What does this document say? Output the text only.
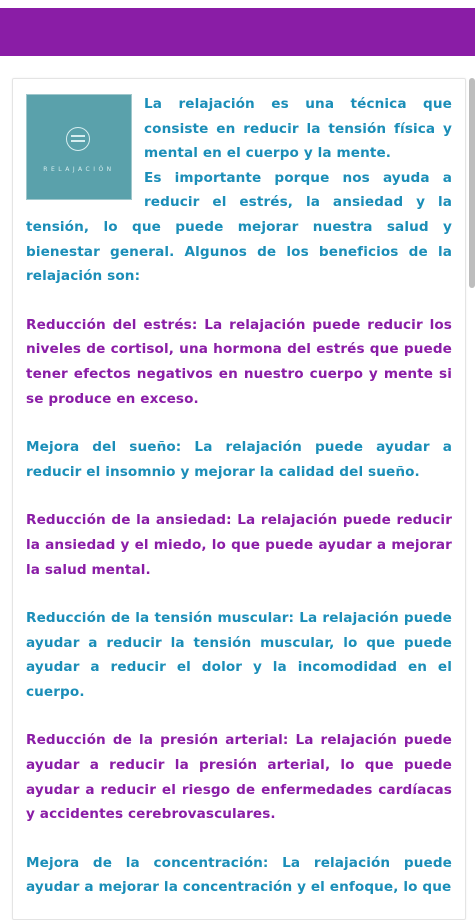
RELAJACIÓN

La relajación es una técnica que consiste en reducir la tensión física y mental en el cuerpo y la mente.

Es importante porque nos ayuda a reducir el estrés, la ansiedad y la tensión, lo que puede mejorar nuestra salud y bienestar general. Algunos de los beneficios de la relajación son:

Reducción del estrés: La relajación puede reducir los niveles de cortisol, una hormona del estrés que puede tener efectos negativos en nuestro cuerpo y mente si se produce en exceso.

Mejora del sueño: La relajación puede ayudar a reducir el insomnio y mejorar la calidad del sueño.

Reducción de la ansiedad: La relajación puede reducir la ansiedad y el miedo, lo que puede ayudar a mejorar la salud mental.

Reducción de la tensión muscular: La relajación puede ayudar a reducir la tensión muscular, lo que puede ayudar a reducir el dolor y la incomodidad en el cuerpo.

Reducción de la presión arterial: La relajación puede ayudar a reducir la presión arterial, lo que puede ayudar a reducir el riesgo de enfermedades cardíacas y accidentes cerebrovasculares.

Mejora de la concentración: La relajación puede ayudar a mejorar la concentración y el enfoque, lo que
